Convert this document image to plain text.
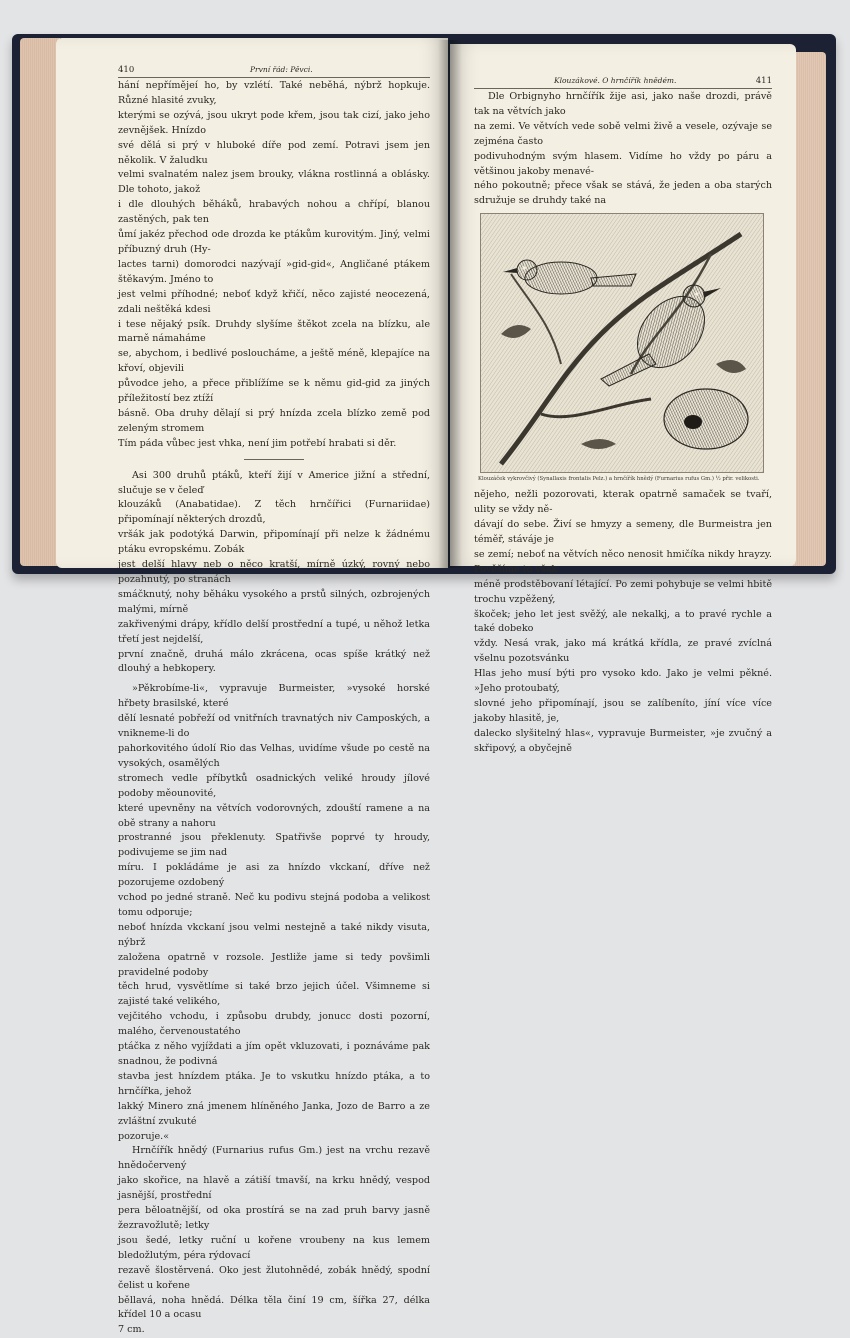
410	První řád: Pěvci.

hání nepřímějeí ho, by vzlétí. Také neběhá, nýbrž hopkuje. Různé hlasité zvuky,

kterými se ozývá, jsou ukryt pode křem, jsou tak cizí, jako jeho zevnějšek. Hnízdo

své dělá si prý v hluboké díře pod zemí. Potravi jsem jen několik. V žaludku

velmi svalnatém nalez jsem brouky, vlákna rostlinná a oblásky. Dle tohoto, jakož

i dle dlouhých běháků, hrabavých nohou a chřípí, blanou zastěných, pak ten

ůmí jakéz přechod ode drozda ke ptákům kurovitým. Jiný, velmi příbuzný druh (Hy-

lactes tarni) domorodci nazývají »gid-gid«, Angličané ptákem štěkavým. Jméno to

jest velmi příhodné; neboť když křičí, něco zajisté neocezená, zdali neštěká kdesi

i tese nějaký psík. Druhdy slyšíme štěkot zcela na blízku, ale marně námaháme

se, abychom, i bedlivé posloucháme, a ještě méně, klepajíce na křoví, objevili

původce jeho, a přece přiblížíme se k němu gid-gid za jiných příležitostí bez ztíží

básně. Oba druhy dělají si prý hnízda zcela blízko země pod zeleným stromem

Tím páda vůbec jest vhka, není jim potřebí hrabati si děr.

Asi 300 druhů ptáků, kteří žijí v Americe jižní a střední, slučuje se v čeleď

klouzáků (Anabatidae). Z těch hrnčířici (Furnariidae) připomínají některých drozdů,

vršák jak podotýká Darwin, připomínají při nelze k žádnému ptáku evropskému. Zobák

jest delší hlavy neb o něco kratší, mírně úzký, rovný nebo pozahnutý, po stranách

smáčknutý, nohy běháku vysokého a prstů silných, ozbrojených malými, mírně

zakřivenými drápy, křídlo delší prostřední a tupé, u něhož letka třetí jest nejdelší,

první značně, druhá málo zkrácena, ocas spíše krátký než dlouhý a hebkopery.

»Pěkrobíme-li«, vypravuje Burmeister, »vysoké horské hřbety brasilské, které

dělí lesnaté pobřeží od vnitřních travnatých niv Campoských, a vnikneme-li do

pahorkovitého údolí Rio das Velhas, uvidíme všude po cestě na vysokých, osamělých

stromech vedle příbytků osadnických veliké hroudy jílové podoby měounovité,

které upevněny na větvích vodorovných, zdouští ramene a na obě strany a nahoru

prostranné jsou překlenuty. Spatřivše poprvé ty hroudy, podivujeme se jim nad

míru. I pokládáme je asi za hnízdo vkckaní, dříve než pozorujeme ozdobený

vchod po jedné straně. Neč ku podivu stejná podoba a velikost tomu odporuje;

neboť hnízda vkckaní jsou velmi nestejně a také nikdy visuta, nýbrž

založena opatrně v rozsole. Jestliže jame si tedy povšimli pravidelné podoby

těch hrud, vysvětlíme si také brzo jejich účel. Všimneme si zajisté také velikého,

vejčitého vchodu, i způsobu drubdy, jonucc dosti pozorní, malého, červenoustatého

ptáčka z něho vyjíždati a jím opět vkluzovati, i poznáváme pak snadnou, že podivná

stavba jest hnízdem ptáka. Je to vskutku hnízdo ptáka, a to hrnčířka, jehož

lakký Minero zná jmenem hlíněného Janka, Jozo de Barro a ze zvláštní zvukuté

pozoruje.«

Hrnčířík hnědý (Furnarius rufus Gm.) jest na vrchu rezavě hnědočervený

jako skořice, na hlavě a zátiší tmavší, na krku hnědý, vespod jasnější, prostřední

pera běloatnější, od oka prostírá se na zad pruh barvy jasně žezravožlutě; letky

jsou šedé, letky ruční u kořene vroubeny na kus lemem bledožlutým, péra rýdovací

rezavě šlostěrvená. Oko jest žlutohnědé, zobák hnědý, spodní čelist u kořene

běllavá, noha hnědá. Délka těla činí 19 cm, šířka 27, délka křídel 10 a ocasu

7 cm.

Klouzákové. O hrnčířík hnědém.	411

Dle Orbignyho hrnčířík žije asi, jako naše drozdi, právě tak na větvích jako

na zemi. Ve větvích vede sobě velmi živě a vesele, ozývaje se zejména často

podivuhodným svým hlasem. Vidíme ho vždy po páru a většinou jakoby menavé-

ného pokoutně; přece však se stává, že jeden a oba starých sdružuje se druhdy také na

Klouzáček vykrovčivý (Synallaxis frontalis Pelz.) a hrnčířík hnědý (Furnarius rufus Gm.) ½ přir. velikosti.

nějeho, nežli pozorovati, kterak opatrně samaček se tvaří, ulity se vždy ně-

dávají do sebe. Živí se hmyzy a semeny, dle Burmeistra jen téměř, stáváje je

se zemí; neboť na větvích něco nenosit hmičíka nikdy hrayzy. Pověšíme to však

méně prodstěbovaní létající. Po zemi pohybuje se velmi hbitě trochu vzpěžený,

škoček; jeho let jest svěžý, ale nekalkj, a to pravé rychle a také dobeko

vždy. Nesá vrak, jako má krátká křídla, ze pravé zvíclná všelnu pozotsvánku

Hlas jeho musí býti pro vysoko kdo. Jako je velmi pěkné. »Jeho protoubatý,

slovné jeho připomínají, jsou se zalíbeníto, jíní více více jakoby hlasitě, je,

dalecko slyšitelný hlas«, vypravuje Burmeister, »je zvučný a skřipový, a obyčejně
